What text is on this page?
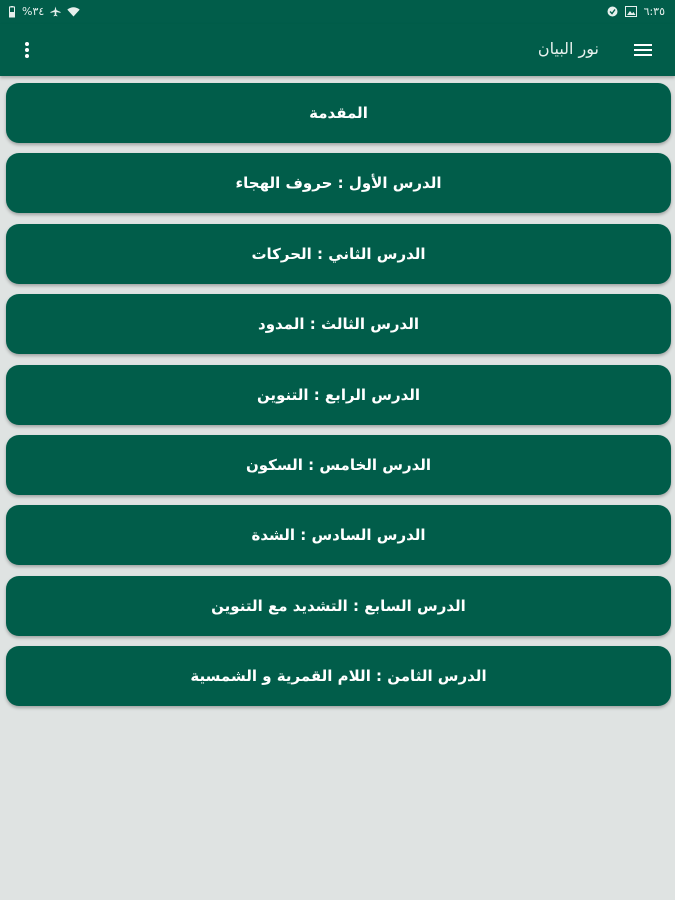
%٣٤	٦:٣٥
نور البيان
المقدمة
الدرس الأول : حروف الهجاء
الدرس الثاني : الحركات
الدرس الثالث : المدود
الدرس الرابع : التنوين
الدرس الخامس : السكون
الدرس السادس : الشدة
الدرس السابع : التشديد مع التنوين
الدرس الثامن : اللام القمرية و الشمسية
